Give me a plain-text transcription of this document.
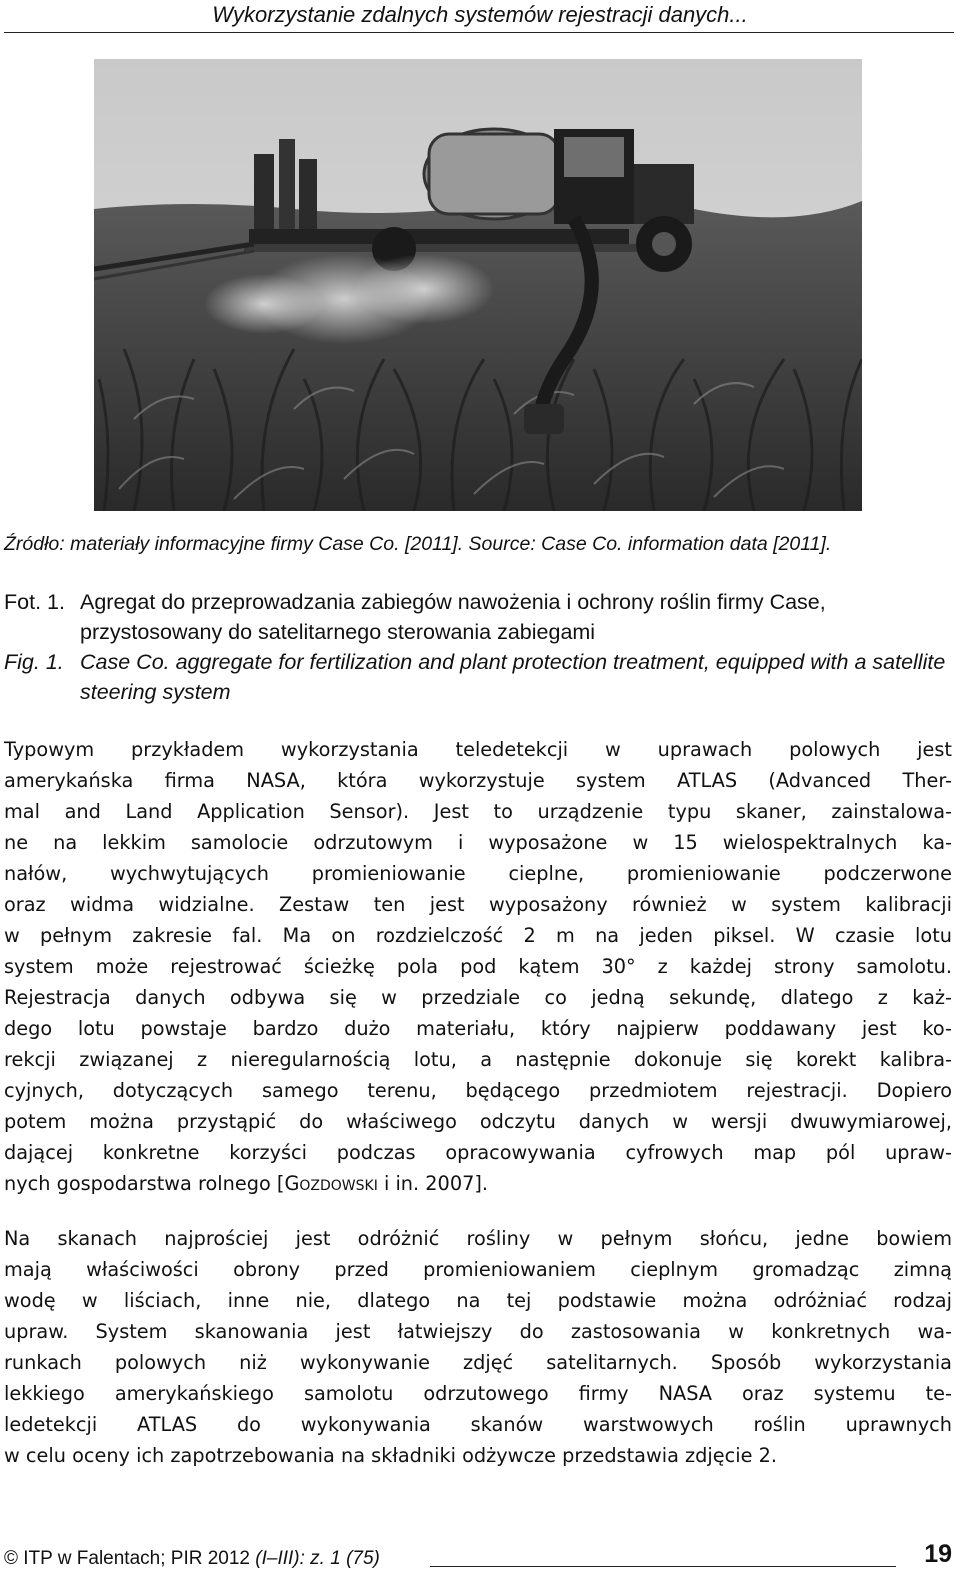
Wykorzystanie zdalnych systemów rejestracji danych...
Źródło: materiały informacyjne firmy Case Co. [2011]. Source: Case Co. information data [2011].
Fot. 1. Agregat do przeprowadzania zabiegów nawożenia i ochrony roślin firmy Case, przystosowany do satelitarnego sterowania zabiegami
Fig. 1. Case Co. aggregate for fertilization and plant protection treatment, equipped with a satellite steering system
Typowym przykładem wykorzystania teledetekcji w uprawach polowych jest
amerykańska firma NASA, która wykorzystuje system ATLAS (Advanced Ther-
mal and Land Application Sensor). Jest to urządzenie typu skaner, zainstalowa-
ne na lekkim samolocie odrzutowym i wyposażone w 15 wielospektralnych ka-
nałów, wychwytujących promieniowanie cieplne, promieniowanie podczerwone
oraz widma widzialne. Zestaw ten jest wyposażony również w system kalibracji
w pełnym zakresie fal. Ma on rozdzielczość 2 m na jeden piksel. W czasie lotu
system może rejestrować ścieżkę pola pod kątem 30° z każdej strony samolotu.
Rejestracja danych odbywa się w przedziale co jedną sekundę, dlatego z każ-
dego lotu powstaje bardzo dużo materiału, który najpierw poddawany jest ko-
rekcji związanej z nieregularnością lotu, a następnie dokonuje się korekt kalibra-
cyjnych, dotyczących samego terenu, będącego przedmiotem rejestracji. Dopiero
potem można przystąpić do właściwego odczytu danych w wersji dwuwymiarowej,
dającej konkretne korzyści podczas opracowywania cyfrowych map pól upraw-
nych gospodarstwa rolnego [Gozdowski i in. 2007].
Na skanach najprościej jest odróżnić rośliny w pełnym słońcu, jedne bowiem
mają właściwości obrony przed promieniowaniem cieplnym gromadząc zimną
wodę w liściach, inne nie, dlatego na tej podstawie można odróżniać rodzaj
upraw. System skanowania jest łatwiejszy do zastosowania w konkretnych wa-
runkach polowych niż wykonywanie zdjęć satelitarnych. Sposób wykorzystania
lekkiego amerykańskiego samolotu odrzutowego firmy NASA oraz systemu te-
ledetekcji ATLAS do wykonywania skanów warstwowych roślin uprawnych
w celu oceny ich zapotrzebowania na składniki odżywcze przedstawia zdjęcie 2.
© ITP w Falentach; PIR 2012 (I–III): z. 1 (75)	19
